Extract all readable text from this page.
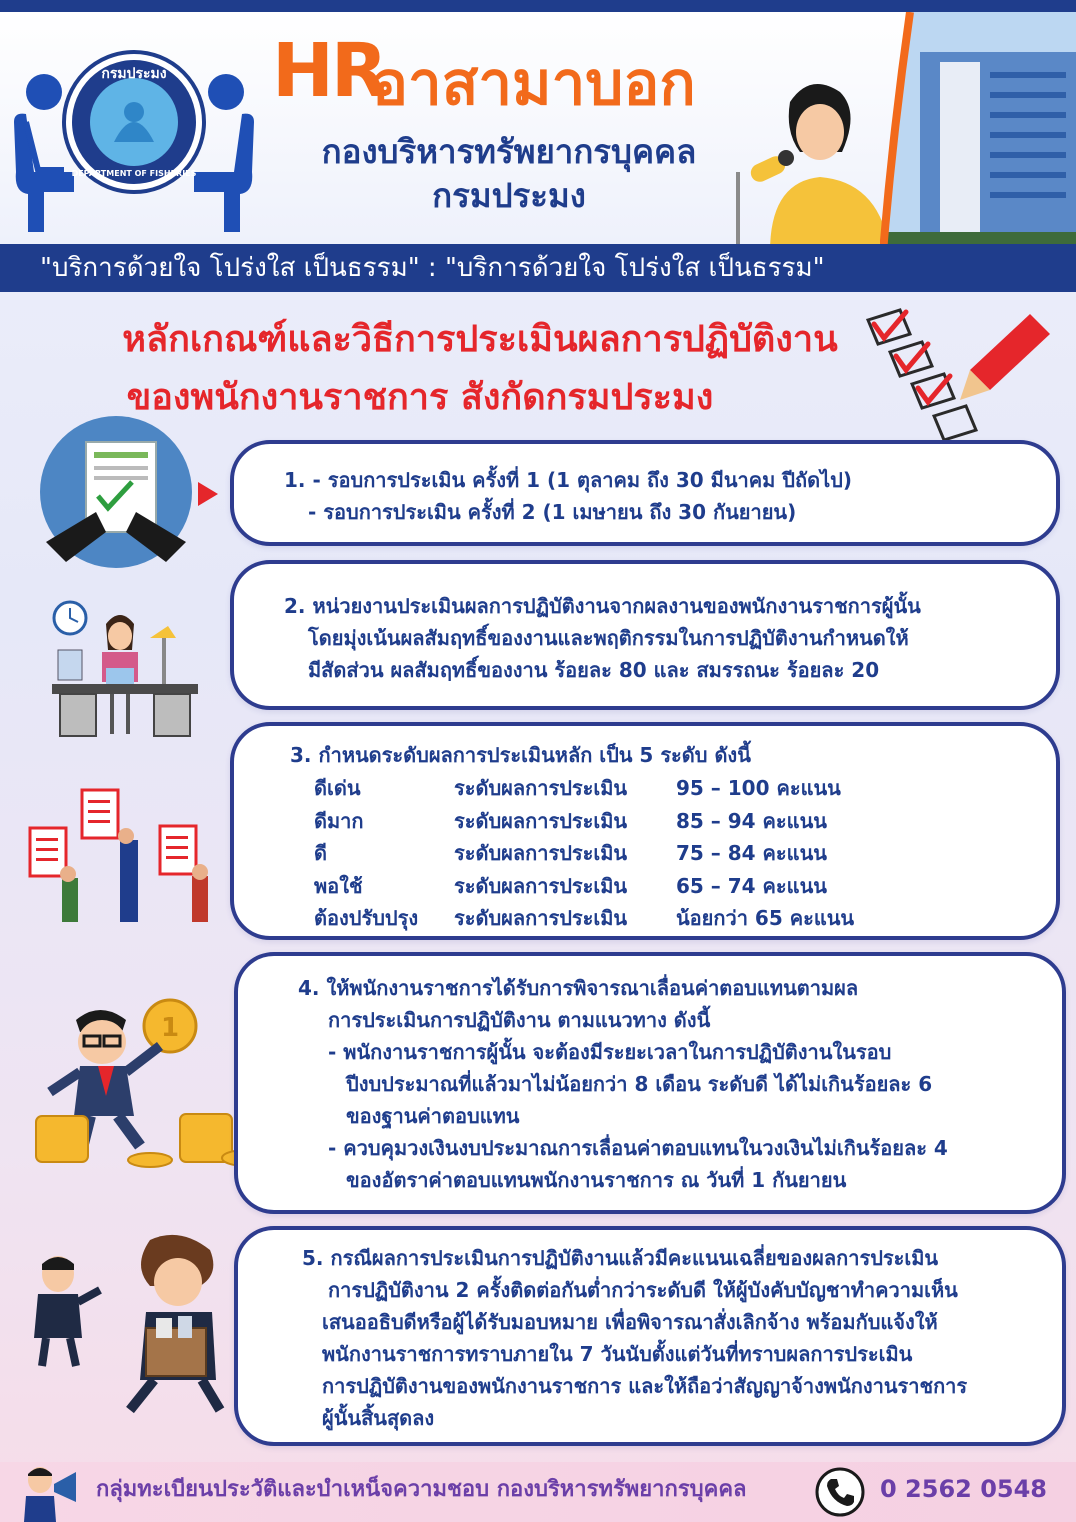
กรมประมง
DEPARTMENT OF FISHERIES
HR
อาสามาบอก
กองบริหารทรัพยากรบุคคล
กรมประมง
"บริการด้วยใจ โปร่งใส เป็นธรรม" : "บริการด้วยใจ โปร่งใส เป็นธรรม"
หลักเกณฑ์และวิธีการประเมินผลการปฏิบัติงาน
ของพนักงานราชการ สังกัดกรมประมง

1. - รอบการประเมิน ครั้งที่ 1 (1 ตุลาคม ถึง 30 มีนาคม ปีถัดไป)

- รอบการประเมิน ครั้งที่ 2 (1 เมษายน ถึง 30 กันยายน)

2. หน่วยงานประเมินผลการปฏิบัติงานจากผลงานของพนักงานราชการผู้นั้น

โดยมุ่งเน้นผลสัมฤทธิ์ของงานและพฤติกรรมในการปฏิบัติงานกำหนดให้

มีสัดส่วน ผลสัมฤทธิ์ของงาน ร้อยละ 80 และ สมรรถนะ ร้อยละ 20

3. กำหนดระดับผลการประเมินหลัก เป็น 5 ระดับ ดังนี้

ดีเด่น	ระดับผลการประเมิน	95 – 100 คะแนน
ดีมาก	ระดับผลการประเมิน	85 – 94 คะแนน
ดี	ระดับผลการประเมิน	75 – 84 คะแนน
พอใช้	ระดับผลการประเมิน	65 – 74 คะแนน
ต้องปรับปรุง	ระดับผลการประเมิน	น้อยกว่า 65 คะแนน
1

4. ให้พนักงานราชการได้รับการพิจารณาเลื่อนค่าตอบแทนตามผล

การประเมินการปฏิบัติงาน ตามแนวทาง ดังนี้

- พนักงานราชการผู้นั้น จะต้องมีระยะเวลาในการปฏิบัติงานในรอบ

ปีงบประมาณที่แล้วมาไม่น้อยกว่า 8 เดือน ระดับดี ได้ไม่เกินร้อยละ 6

ของฐานค่าตอบแทน

- ควบคุมวงเงินงบประมาณการเลื่อนค่าตอบแทนในวงเงินไม่เกินร้อยละ 4

ของอัตราค่าตอบแทนพนักงานราชการ ณ วันที่ 1 กันยายน

5. กรณีผลการประเมินการปฏิบัติงานแล้วมีคะแนนเฉลี่ยของผลการประเมิน

การปฏิบัติงาน 2 ครั้งติดต่อกันต่ำกว่าระดับดี ให้ผู้บังคับบัญชาทำความเห็น

เสนออธิบดีหรือผู้ได้รับมอบหมาย เพื่อพิจารณาสั่งเลิกจ้าง พร้อมกับแจ้งให้

พนักงานราชการทราบภายใน 7 วันนับตั้งแต่วันที่ทราบผลการประเมิน

การปฏิบัติงานของพนักงานราชการ และให้ถือว่าสัญญาจ้างพนักงานราชการ

ผู้นั้นสิ้นสุดลง

กลุ่มทะเบียนประวัติและบำเหน็จความชอบ กองบริหารทรัพยากรบุคคล	0 2562 0548
